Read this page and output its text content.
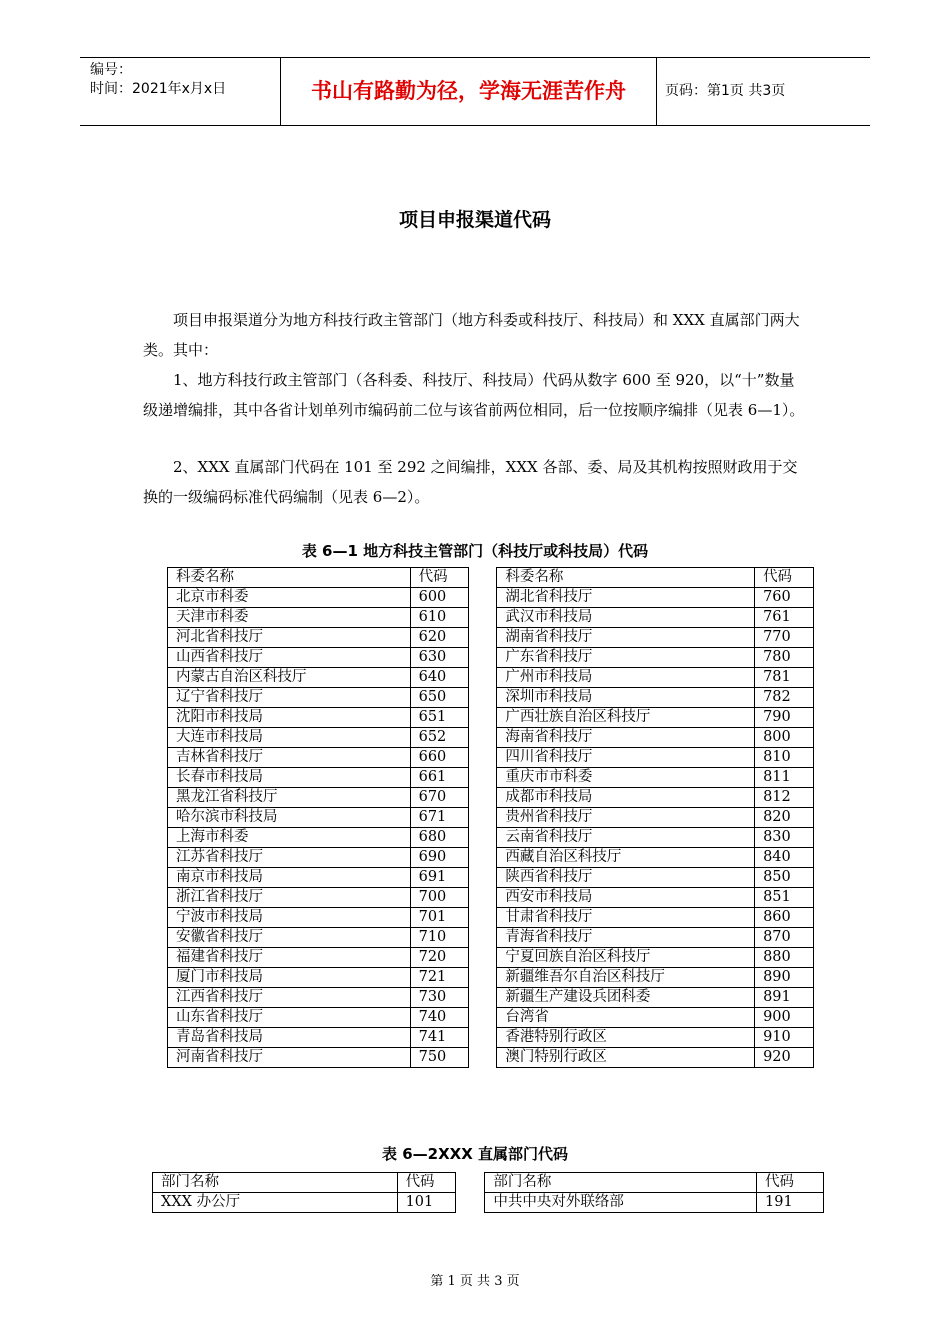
编号：
时间：2021年x月x日	书山有路勤为径，学海无涯苦作舟	页码：第1页 共3页
项目申报渠道代码

项目申报渠道分为地方科技行政主管部门（地方科委或科技厅、科技局）和 XXX 直属部门两大类。其中：

1、地方科技行政主管部门（各科委、科技厅、科技局）代码从数字 600 至 920，以“十”数量级递增编排，其中各省计划单列市编码前二位与该省前两位相同，后一位按顺序编排（见表 6—1）。

2、XXX 直属部门代码在 101 至 292 之间编排，XXX 各部、委、局及其机构按照财政用于交换的一级编码标准代码编制（见表 6—2）。

表 6—1 地方科技主管部门（科技厅或科技局）代码
科委名称	代码		科委名称	代码
北京市科委	600		湖北省科技厅	760
天津市科委	610		武汉市科技局	761
河北省科技厅	620		湖南省科技厅	770
山西省科技厅	630		广东省科技厅	780
内蒙古自治区科技厅	640		广州市科技局	781
辽宁省科技厅	650		深圳市科技局	782
沈阳市科技局	651		广西壮族自治区科技厅	790
大连市科技局	652		海南省科技厅	800
吉林省科技厅	660		四川省科技厅	810
长春市科技局	661		重庆市市科委	811
黑龙江省科技厅	670		成都市科技局	812
哈尔滨市科技局	671		贵州省科技厅	820
上海市科委	680		云南省科技厅	830
江苏省科技厅	690		西藏自治区科技厅	840
南京市科技局	691		陕西省科技厅	850
浙江省科技厅	700		西安市科技局	851
宁波市科技局	701		甘肃省科技厅	860
安徽省科技厅	710		青海省科技厅	870
福建省科技厅	720		宁夏回族自治区科技厅	880
厦门市科技局	721		新疆维吾尔自治区科技厅	890
江西省科技厅	730		新疆生产建设兵团科委	891
山东省科技厅	740		台湾省	900
青岛省科技局	741		香港特别行政区	910
河南省科技厅	750		澳门特别行政区	920
表 6—2XXX 直属部门代码
部门名称	代码		部门名称	代码
XXX 办公厅	101		中共中央对外联络部	191
第 1 页 共 3 页
